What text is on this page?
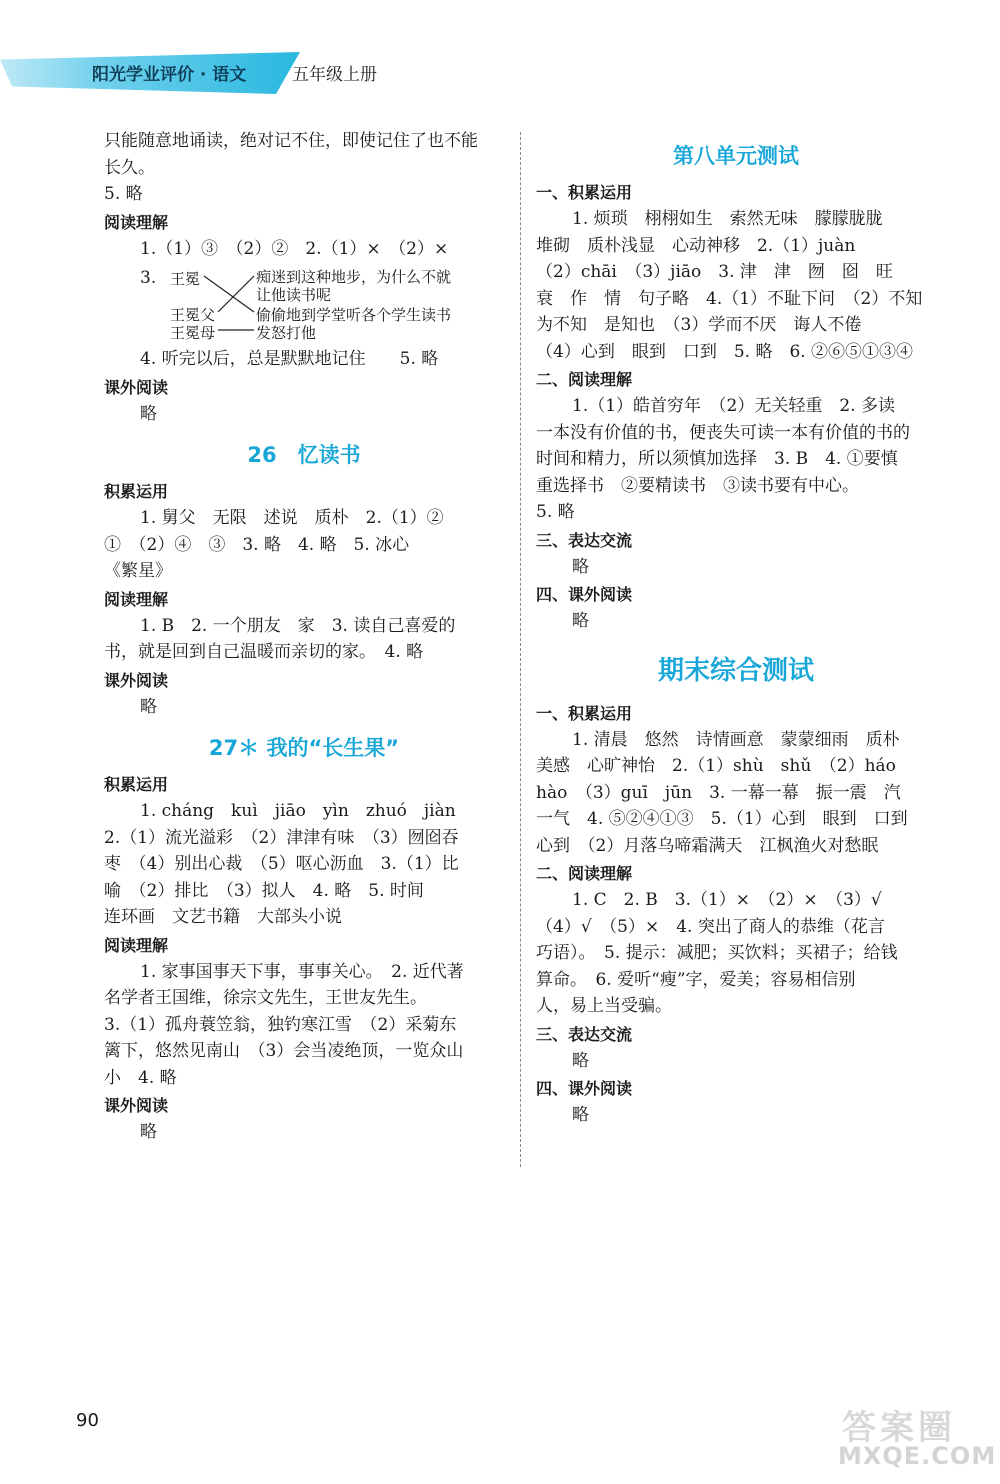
阳光学业评价 · 语文	五年级上册
只能随意地诵读，绝对记不住，即使记住了也不能
长久。
5. 略
阅读理解
1.（1）③　（2）②　2.（1）×　（2）×
3. 王冕
王冕父
王冕母
痴迷到这种地步，为什么不就
让他读书呢
偷偷地到学堂听各个学生读书
发怒打他
4. 听完以后，总是默默地记住　　5. 略
课外阅读
略
26　忆读书
积累运用
1. 舅父　无限　述说　质朴　2.（1）②
①　（2）④　③　3. 略　4. 略　5. 冰心
《繁星》
阅读理解
1. B　2. 一个朋友　家　3. 读自己喜爱的
书，就是回到自己温暖而亲切的家。　4. 略
课外阅读
略
27＊ 我的“长生果”
积累运用
1. cháng　kuì　jiāo　yìn　zhuó　jiàn
2.（1）流光溢彩　（2）津津有味　（3）囫囵吞
枣　（4）别出心裁　（5）呕心沥血　3.（1）比
喻　（2）排比　（3）拟人　4. 略　5. 时间
连环画　文艺书籍　大部头小说
阅读理解
1. 家事国事天下事，事事关心。　2. 近代著
名学者王国维，徐宗文先生，王世友先生。
3.（1）孤舟蓑笠翁，独钓寒江雪　（2）采菊东
篱下，悠然见南山　（3）会当凌绝顶，一览众山
小　4. 略
课外阅读
略
第八单元测试
一、积累运用
1. 烦琐　栩栩如生　索然无味　朦朦胧胧
堆砌　质朴浅显　心动神移　2.（1）juàn
（2）chāi　（3）jiāo　3. 津　津　囫　囵　旺
衰　作　情　句子略　4.（1）不耻下问　（2）不知
为不知　是知也　（3）学而不厌　诲人不倦
（4）心到　眼到　口到　5. 略　6. ②⑥⑤①③④
二、阅读理解
1.（1）皓首穷年　（2）无关轻重　2. 多读
一本没有价值的书，便丧失可读一本有价值的书的
时间和精力，所以须慎加选择　3. B　4. ①要慎
重选择书　②要精读书　③读书要有中心。
5. 略
三、表达交流
略
四、课外阅读
略
期末综合测试
一、积累运用
1. 清晨　悠然　诗情画意　蒙蒙细雨　质朴
美感　心旷神怡　2.（1）shù　shǔ　（2）háo
hào　（3）guī　jūn　3. 一幕一幕　振一震　汽
一气　4. ⑤②④①③　5.（1）心到　眼到　口到
心到　（2）月落乌啼霜满天　江枫渔火对愁眠
二、阅读理解
1. C　2. B　3.（1）×　（2）×　（3）√
（4）√　（5）×　4. 突出了商人的恭维（花言
巧语）。　5. 提示：减肥；买饮料；买裙子；给钱
算命。　6. 爱听“瘦”字，爱美；容易相信别
人，易上当受骗。
三、表达交流
略
四、课外阅读
略
90	答案圈
MXQE.COM
